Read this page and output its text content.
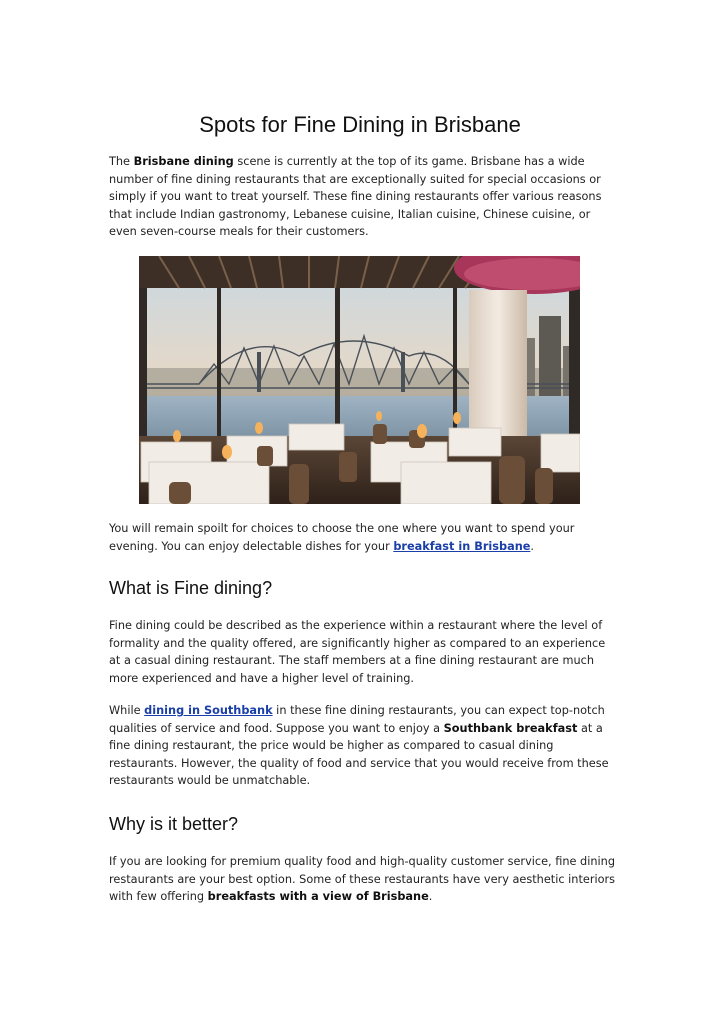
Spots for Fine Dining in Brisbane
The Brisbane dining scene is currently at the top of its game. Brisbane has a wide number of fine dining restaurants that are exceptionally suited for special occasions or simply if you want to treat yourself. These fine dining restaurants offer various reasons that include Indian gastronomy, Lebanese cuisine, Italian cuisine, Chinese cuisine, or even seven-course meals for their customers.
You will remain spoilt for choices to choose the one where you want to spend your evening. You can enjoy delectable dishes for your breakfast in Brisbane.
What is Fine dining?
Fine dining could be described as the experience within a restaurant where the level of formality and the quality offered, are significantly higher as compared to an experience at a casual dining restaurant. The staff members at a fine dining restaurant are much more experienced and have a higher level of training.
While dining in Southbank in these fine dining restaurants, you can expect top-notch qualities of service and food. Suppose you want to enjoy a Southbank breakfast at a fine dining restaurant, the price would be higher as compared to casual dining restaurants. However, the quality of food and service that you would receive from these restaurants would be unmatchable.
Why is it better?
If you are looking for premium quality food and high-quality customer service, fine dining restaurants are your best option. Some of these restaurants have very aesthetic interiors with few offering breakfasts with a view of Brisbane.
